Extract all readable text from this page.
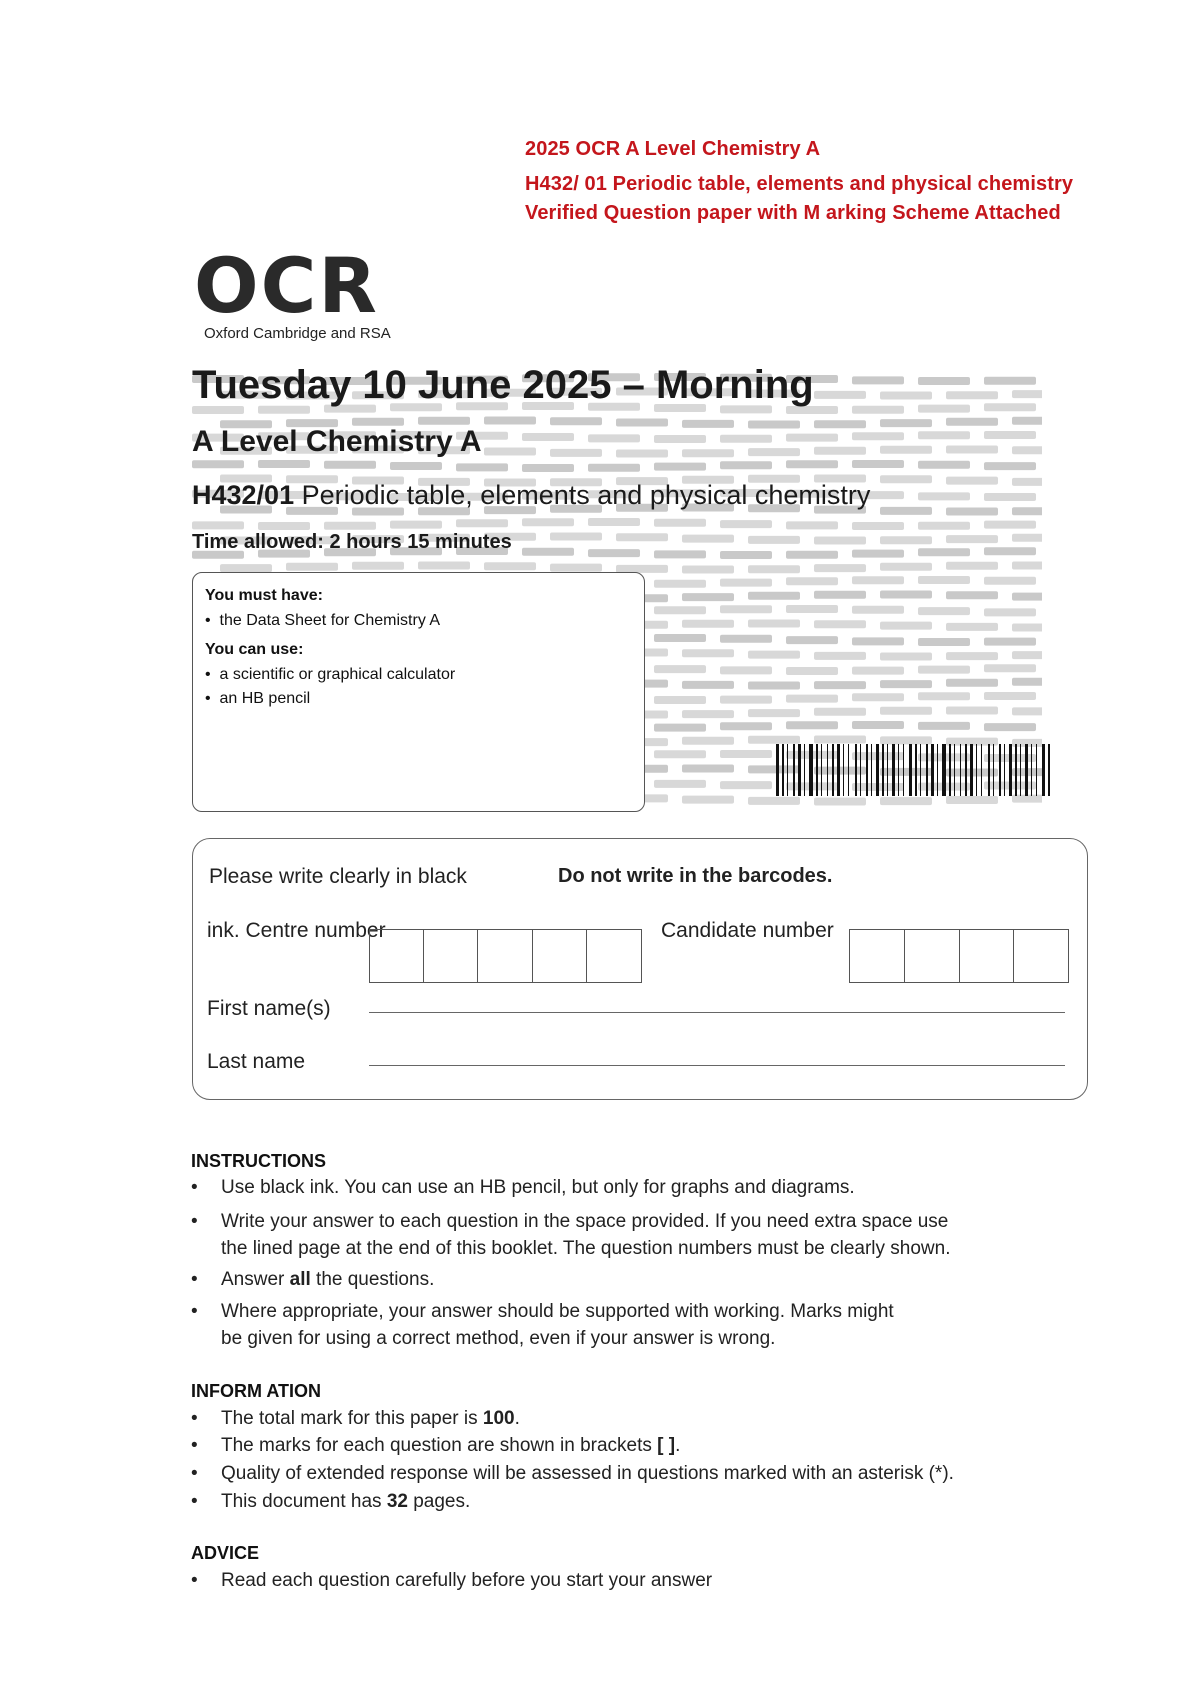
2025 OCR A Level Chemistry A
H432/ 01 Periodic table, elements and physical chemistry
Verified Question paper with M arking Scheme Attached
OCR
Oxford Cambridge and RSA
Tuesday 10 June 2025 – Morning
A Level Chemistry A
H432/01 Periodic table, elements and physical chemistry
Time allowed: 2 hours 15 minutes
You must have:
• the Data Sheet for Chemistry A
You can use:
• a scientific or graphical calculator
• an HB pencil
Please write clearly in black	Do not write in the barcodes.
ink. Centre number	Candidate number
First name(s)
Last name
INSTRUCTIONS
• Use black ink. You can use an HB pencil, but only for graphs and diagrams.
• Write your answer to each question in the space provided. If you need extra space use
the lined page at the end of this booklet. The question numbers must be clearly shown.
• Answer all the questions.
• Where appropriate, your answer should be supported with working. Marks might
be given for using a correct method, even if your answer is wrong.
INFORM ATION
• The total mark for this paper is 100.
• The marks for each question are shown in brackets [ ].
• Quality of extended response will be assessed in questions marked with an asterisk (*).
• This document has 32 pages.
ADVICE
• Read each question carefully before you start your answer
